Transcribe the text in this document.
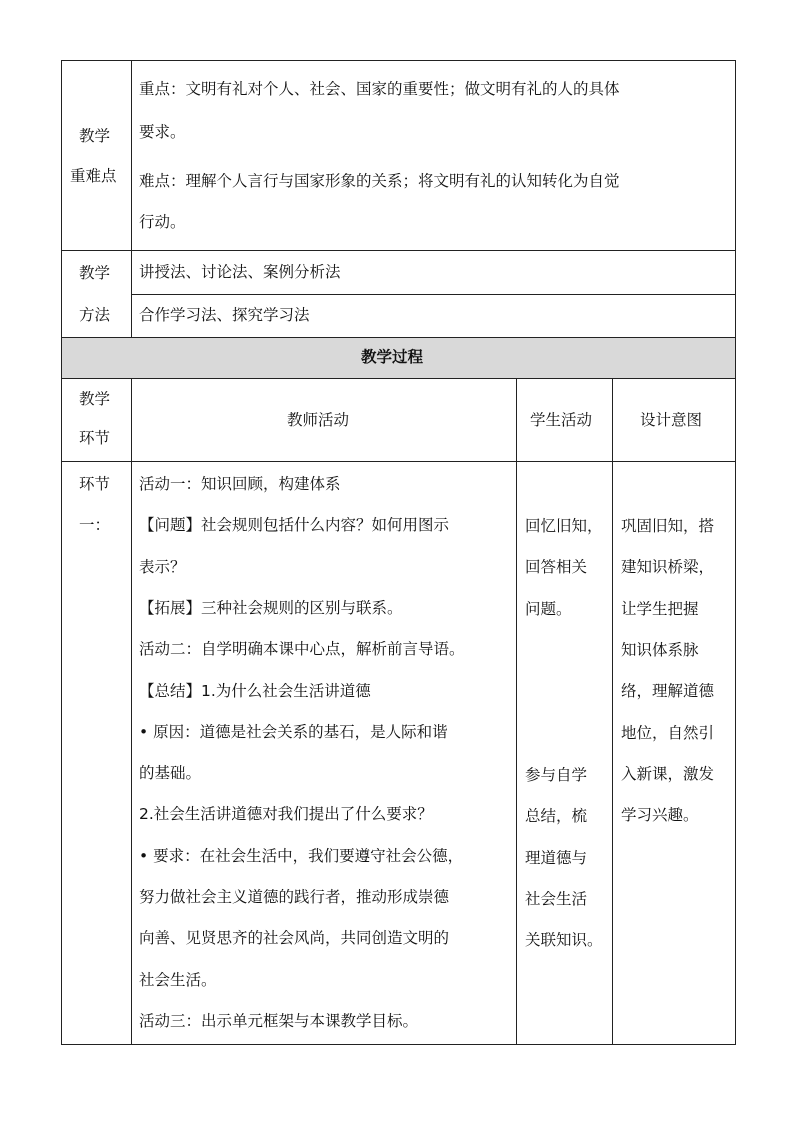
教学
重难点
重点：文明有礼对个人、社会、国家的重要性；做文明有礼的人的具体
要求。
难点：理解个人言行与国家形象的关系；将文明有礼的认知转化为自觉
行动。
教学
方法
讲授法、讨论法、案例分析法
合作学习法、探究学习法
教学过程
教学
环节
教师活动	学生活动	设计意图
环节
一：
活动一：知识回顾，构建体系
【问题】社会规则包括什么内容？如何用图示
表示？
【拓展】三种社会规则的区别与联系。
活动二：自学明确本课中心点，解析前言导语。
【总结】1.为什么社会生活讲道德
• 原因：道德是社会关系的基石，是人际和谐
的基础。
2.社会生活讲道德对我们提出了什么要求？
• 要求：在社会生活中，我们要遵守社会公德，
努力做社会主义道德的践行者，推动形成崇德
向善、见贤思齐的社会风尚，共同创造文明的
社会生活。
活动三：出示单元框架与本课教学目标。
回忆旧知，
回答相关
问题。
参与自学
总结，梳
理道德与
社会生活
关联知识。
巩固旧知，搭
建知识桥梁，
让学生把握
知识体系脉
络，理解道德
地位，自然引
入新课，激发
学习兴趣。
